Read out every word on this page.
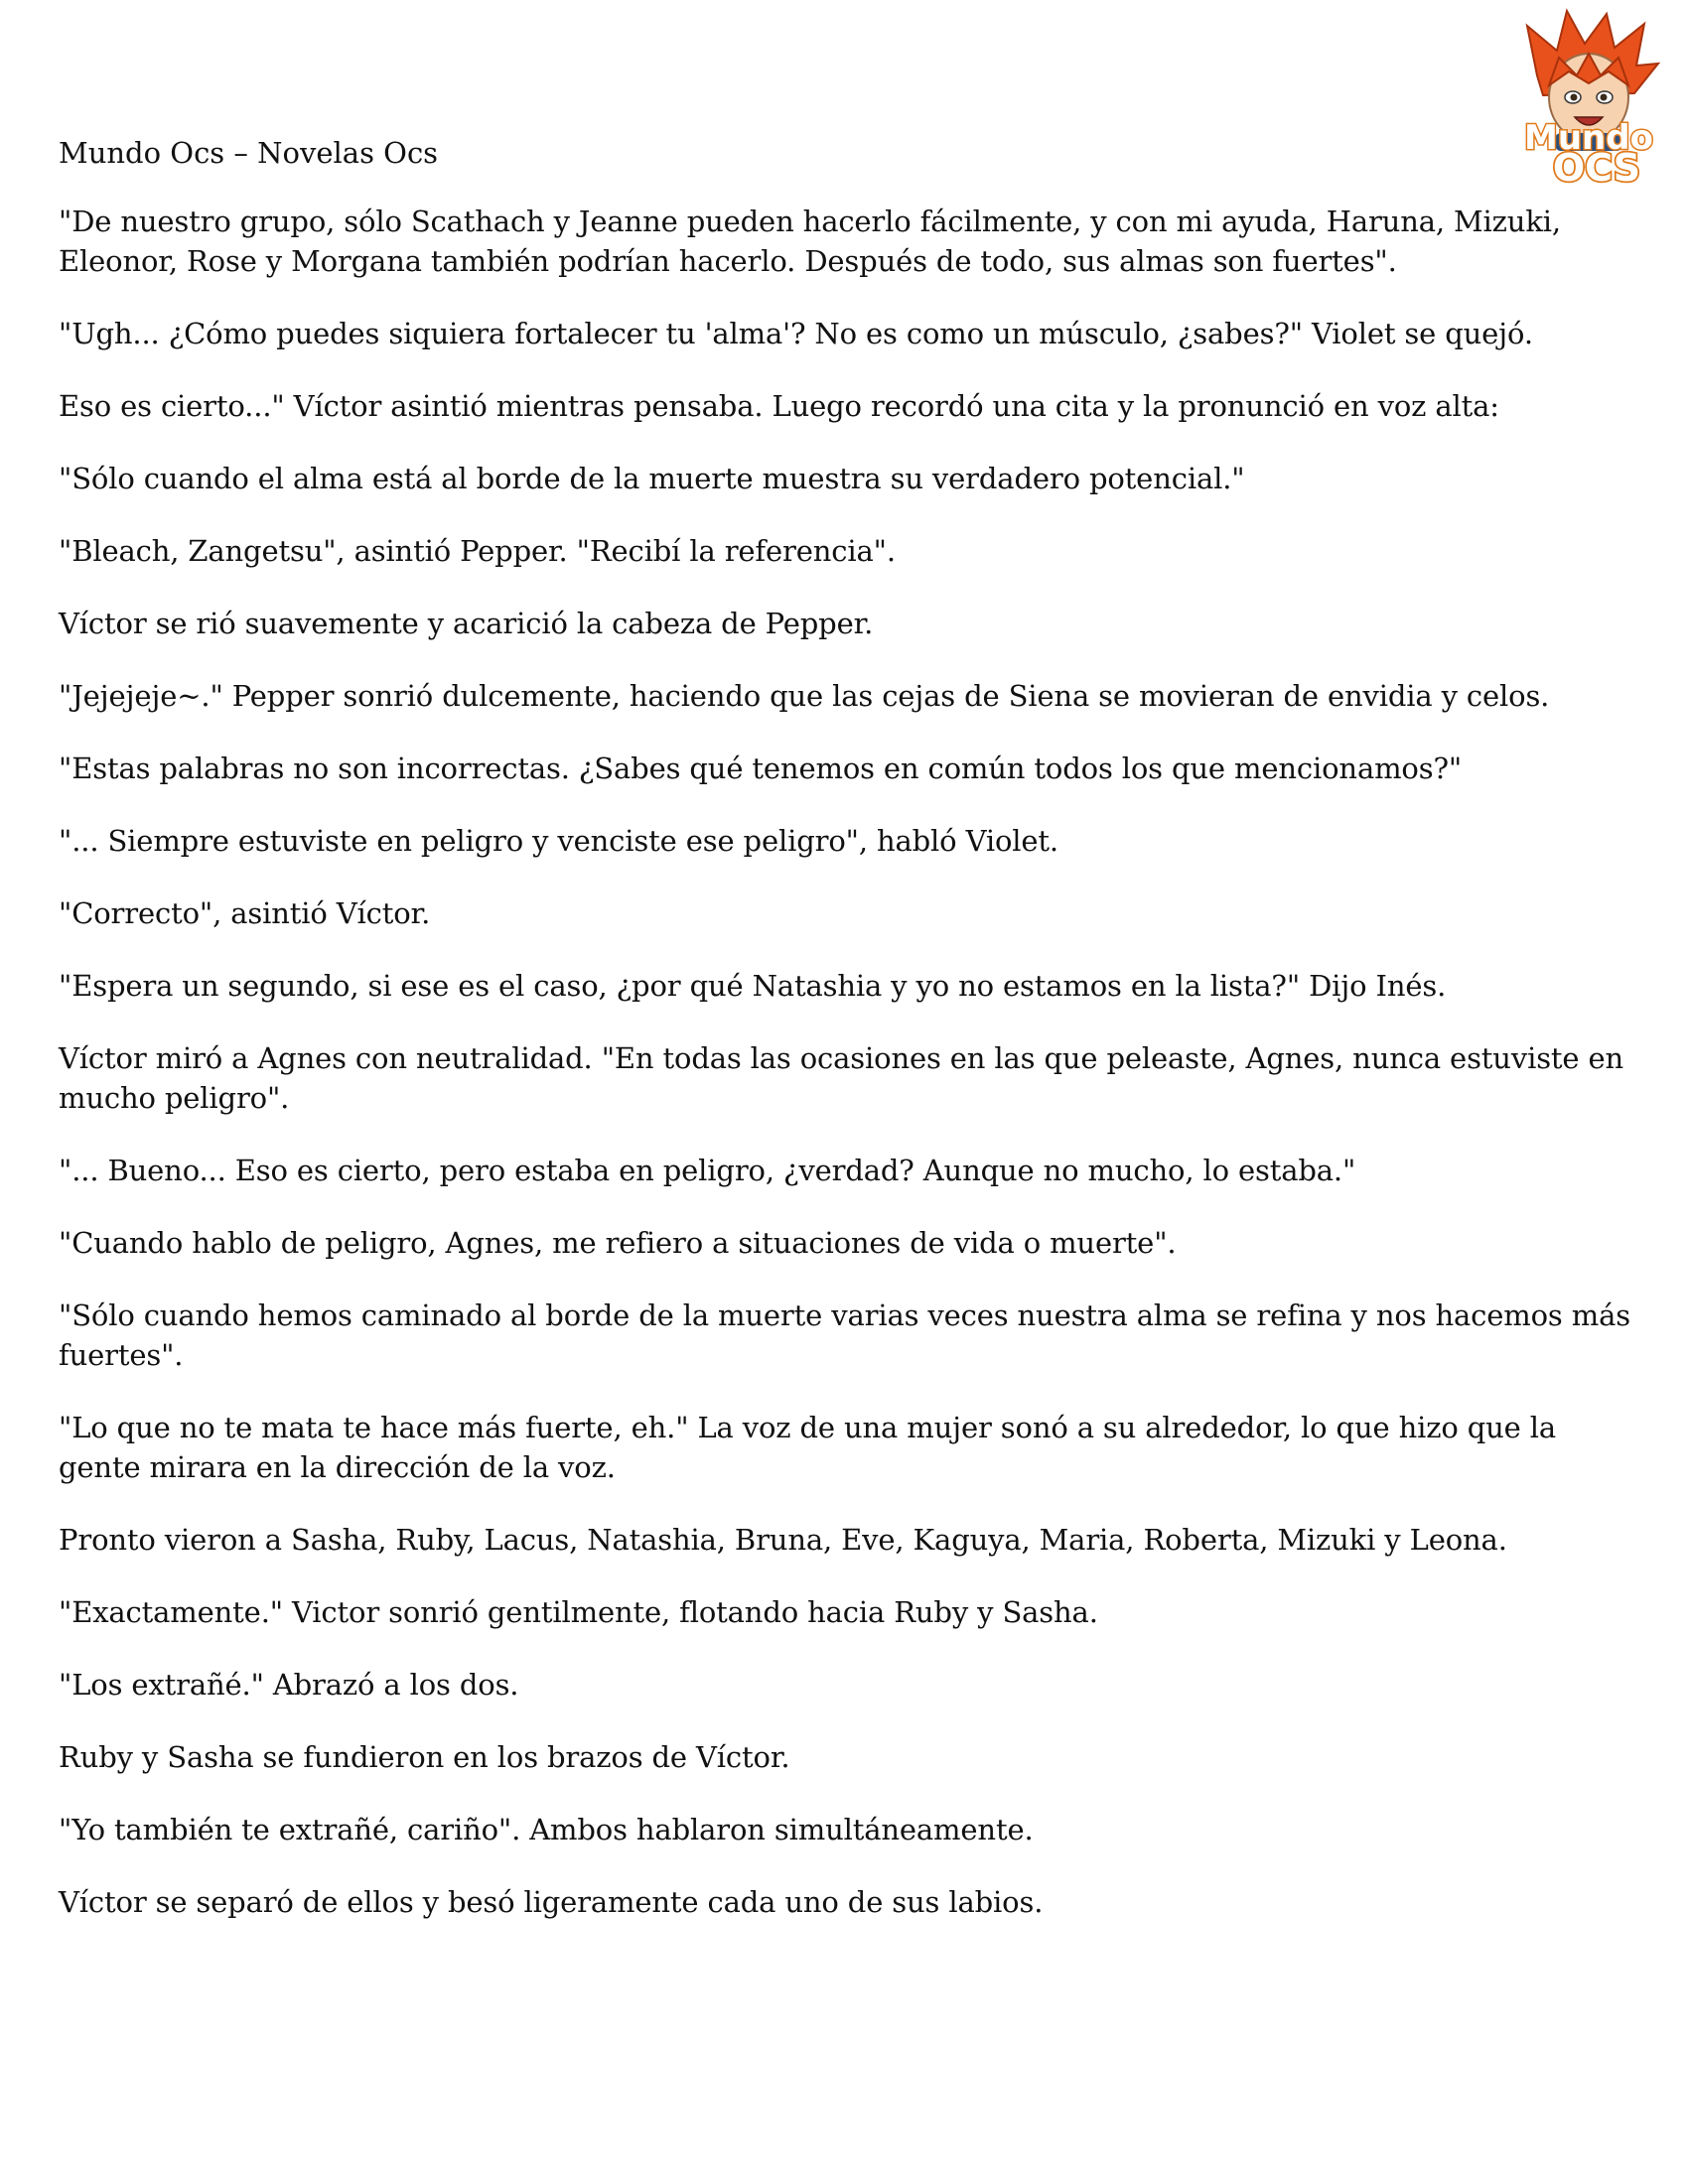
Mundo
OCS
Mundo Ocs – Novelas Ocs

"De nuestro grupo, sólo Scathach y Jeanne pueden hacerlo fácilmente, y con mi ayuda, Haruna, Mizuki, Eleonor, Rose y Morgana también podrían hacerlo. Después de todo, sus almas son fuertes".

"Ugh... ¿Cómo puedes siquiera fortalecer tu 'alma'? No es como un músculo, ¿sabes?" Violet se quejó.

Eso es cierto..." Víctor asintió mientras pensaba. Luego recordó una cita y la pronunció en voz alta:

"Sólo cuando el alma está al borde de la muerte muestra su verdadero potencial."

"Bleach, Zangetsu", asintió Pepper. "Recibí la referencia".

Víctor se rió suavemente y acarició la cabeza de Pepper.

"Jejejeje~." Pepper sonrió dulcemente, haciendo que las cejas de Siena se movieran de envidia y celos.

"Estas palabras no son incorrectas. ¿Sabes qué tenemos en común todos los que mencionamos?"

"... Siempre estuviste en peligro y venciste ese peligro", habló Violet.

"Correcto", asintió Víctor.

"Espera un segundo, si ese es el caso, ¿por qué Natashia y yo no estamos en la lista?" Dijo Inés.

Víctor miró a Agnes con neutralidad. "En todas las ocasiones en las que peleaste, Agnes, nunca estuviste en mucho peligro".

"... Bueno... Eso es cierto, pero estaba en peligro, ¿verdad? Aunque no mucho, lo estaba."

"Cuando hablo de peligro, Agnes, me refiero a situaciones de vida o muerte".

"Sólo cuando hemos caminado al borde de la muerte varias veces nuestra alma se refina y nos hacemos más fuertes".

"Lo que no te mata te hace más fuerte, eh." La voz de una mujer sonó a su alrededor, lo que hizo que la gente mirara en la dirección de la voz.

Pronto vieron a Sasha, Ruby, Lacus, Natashia, Bruna, Eve, Kaguya, Maria, Roberta, Mizuki y Leona.

"Exactamente." Victor sonrió gentilmente, flotando hacia Ruby y Sasha.

"Los extrañé." Abrazó a los dos.

Ruby y Sasha se fundieron en los brazos de Víctor.

"Yo también te extrañé, cariño". Ambos hablaron simultáneamente.

Víctor se separó de ellos y besó ligeramente cada uno de sus labios.
